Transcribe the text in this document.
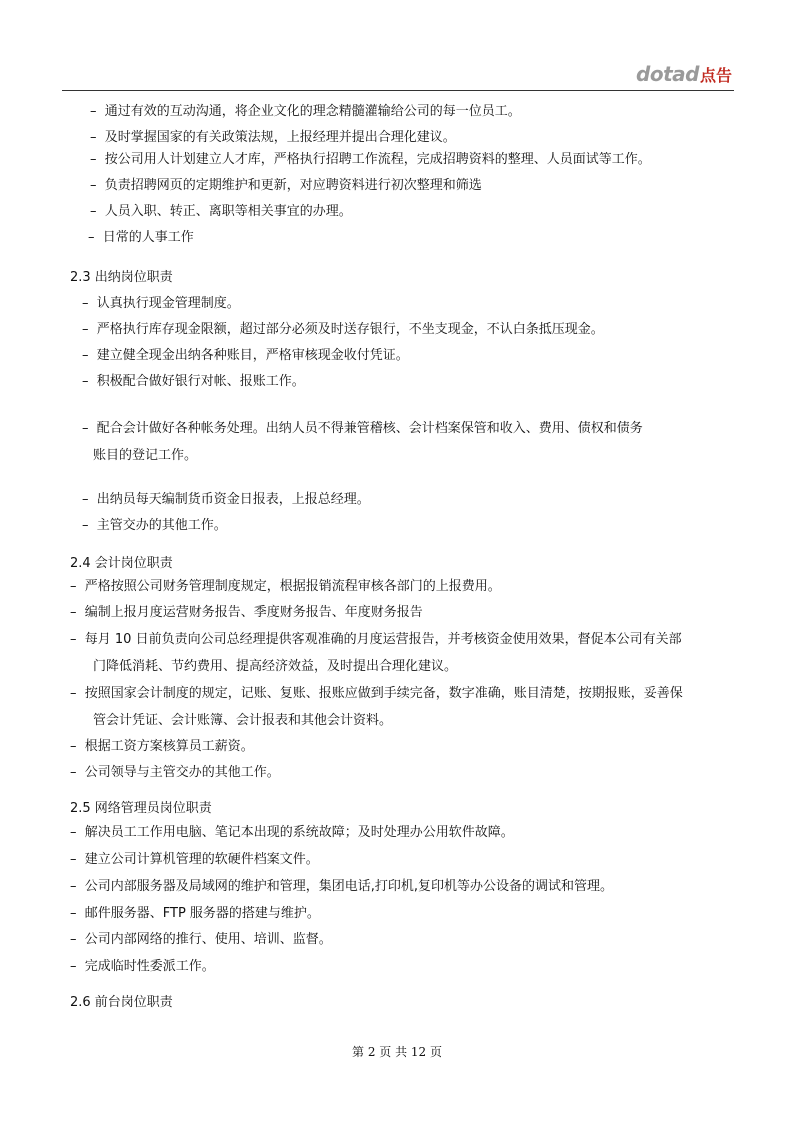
dotad 点告
– 通过有效的互动沟通，将企业文化的理念精髓灌输给公司的每一位员工。
– 及时掌握国家的有关政策法规，上报经理并提出合理化建议。
– 按公司用人计划建立人才库，严格执行招聘工作流程，完成招聘资料的整理、人员面试等工作。
– 负责招聘网页的定期维护和更新，对应聘资料进行初次整理和筛选
– 人员入职、转正、离职等相关事宜的办理。
– 日常的人事工作
2.3 出纳岗位职责
– 认真执行现金管理制度。
– 严格执行库存现金限额，超过部分必须及时送存银行，不坐支现金，不认白条抵压现金。
– 建立健全现金出纳各种账目，严格审核现金收付凭证。
– 积极配合做好银行对帐、报账工作。
– 配合会计做好各种帐务处理。出纳人员不得兼管稽核、会计档案保管和收入、费用、债权和债务
账目的登记工作。
– 出纳员每天编制货币资金日报表，上报总经理。
– 主管交办的其他工作。
2.4 会计岗位职责
– 严格按照公司财务管理制度规定，根据报销流程审核各部门的上报费用。
– 编制上报月度运营财务报告、季度财务报告、年度财务报告
– 每月 10 日前负责向公司总经理提供客观准确的月度运营报告，并考核资金使用效果，督促本公司有关部
门降低消耗、节约费用、提高经济效益，及时提出合理化建议。
– 按照国家会计制度的规定，记账、复账、报账应做到手续完备，数字准确，账目清楚，按期报账，妥善保
管会计凭证、会计账簿、会计报表和其他会计资料。
– 根据工资方案核算员工薪资。
– 公司领导与主管交办的其他工作。
2.5 网络管理员岗位职责
– 解决员工工作用电脑、笔记本出现的系统故障；及时处理办公用软件故障。
– 建立公司计算机管理的软硬件档案文件。
– 公司内部服务器及局域网的维护和管理，集团电话,打印机,复印机等办公设备的调试和管理。
– 邮件服务器、FTP 服务器的搭建与维护。
– 公司内部网络的推行、使用、培训、监督。
– 完成临时性委派工作。
2.6 前台岗位职责
第 2 页 共 12 页
